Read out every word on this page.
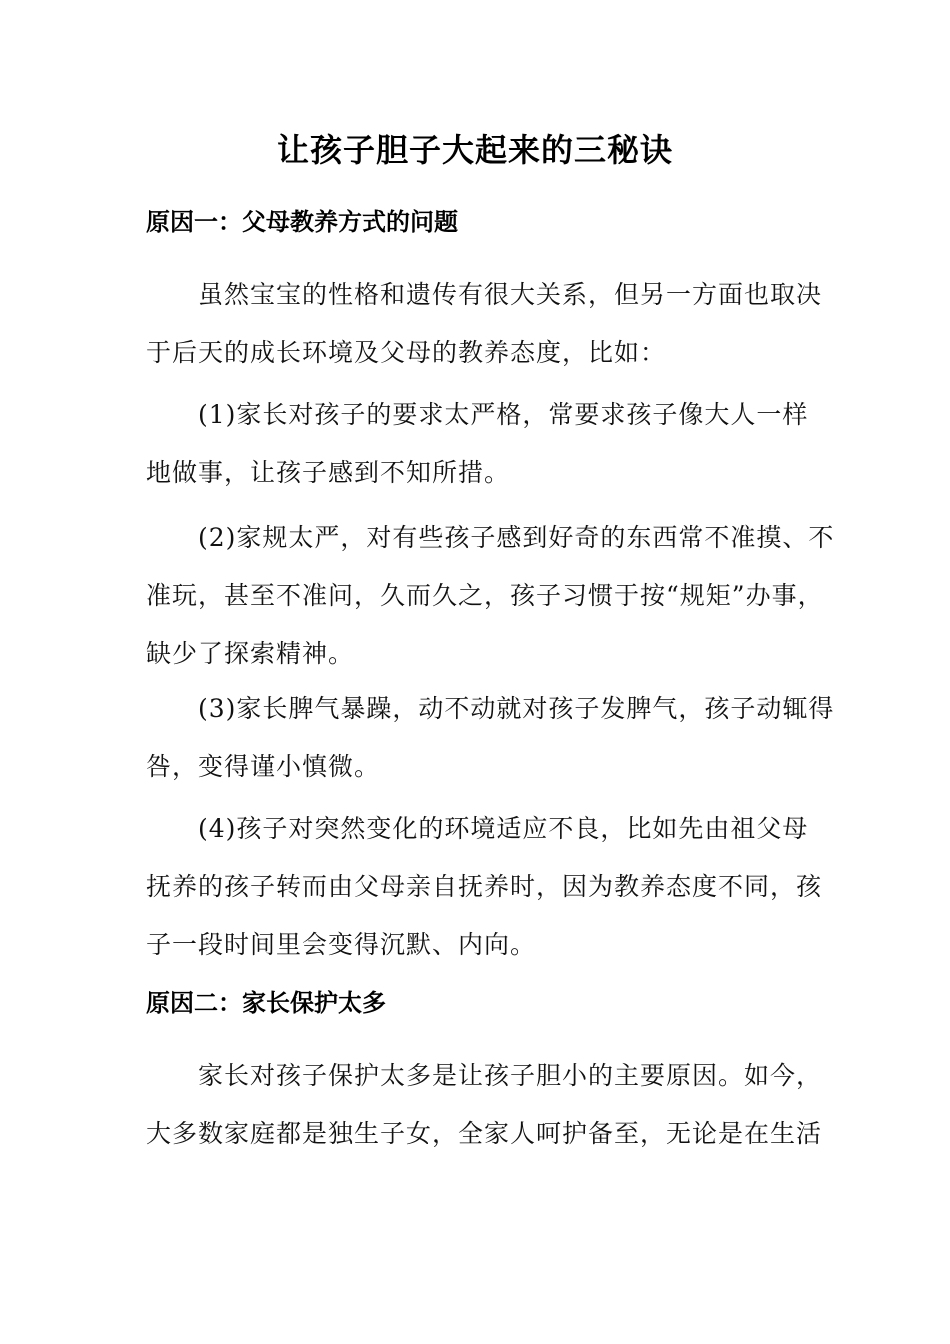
让孩子胆子大起来的三秘诀
原因一：父母教养方式的问题
虽然宝宝的性格和遗传有很大关系，但另一方面也取决
于后天的成长环境及父母的教养态度，比如：
(1)家长对孩子的要求太严格，常要求孩子像大人一样
地做事，让孩子感到不知所措。
(2)家规太严，对有些孩子感到好奇的东西常不准摸、不
准玩，甚至不准问，久而久之，孩子习惯于按“规矩”办事，
缺少了探索精神。
(3)家长脾气暴躁，动不动就对孩子发脾气，孩子动辄得
咎，变得谨小慎微。
(4)孩子对突然变化的环境适应不良，比如先由祖父母
抚养的孩子转而由父母亲自抚养时，因为教养态度不同，孩
子一段时间里会变得沉默、内向。
原因二：家长保护太多
家长对孩子保护太多是让孩子胆小的主要原因。如今，
大多数家庭都是独生子女，全家人呵护备至，无论是在生活
